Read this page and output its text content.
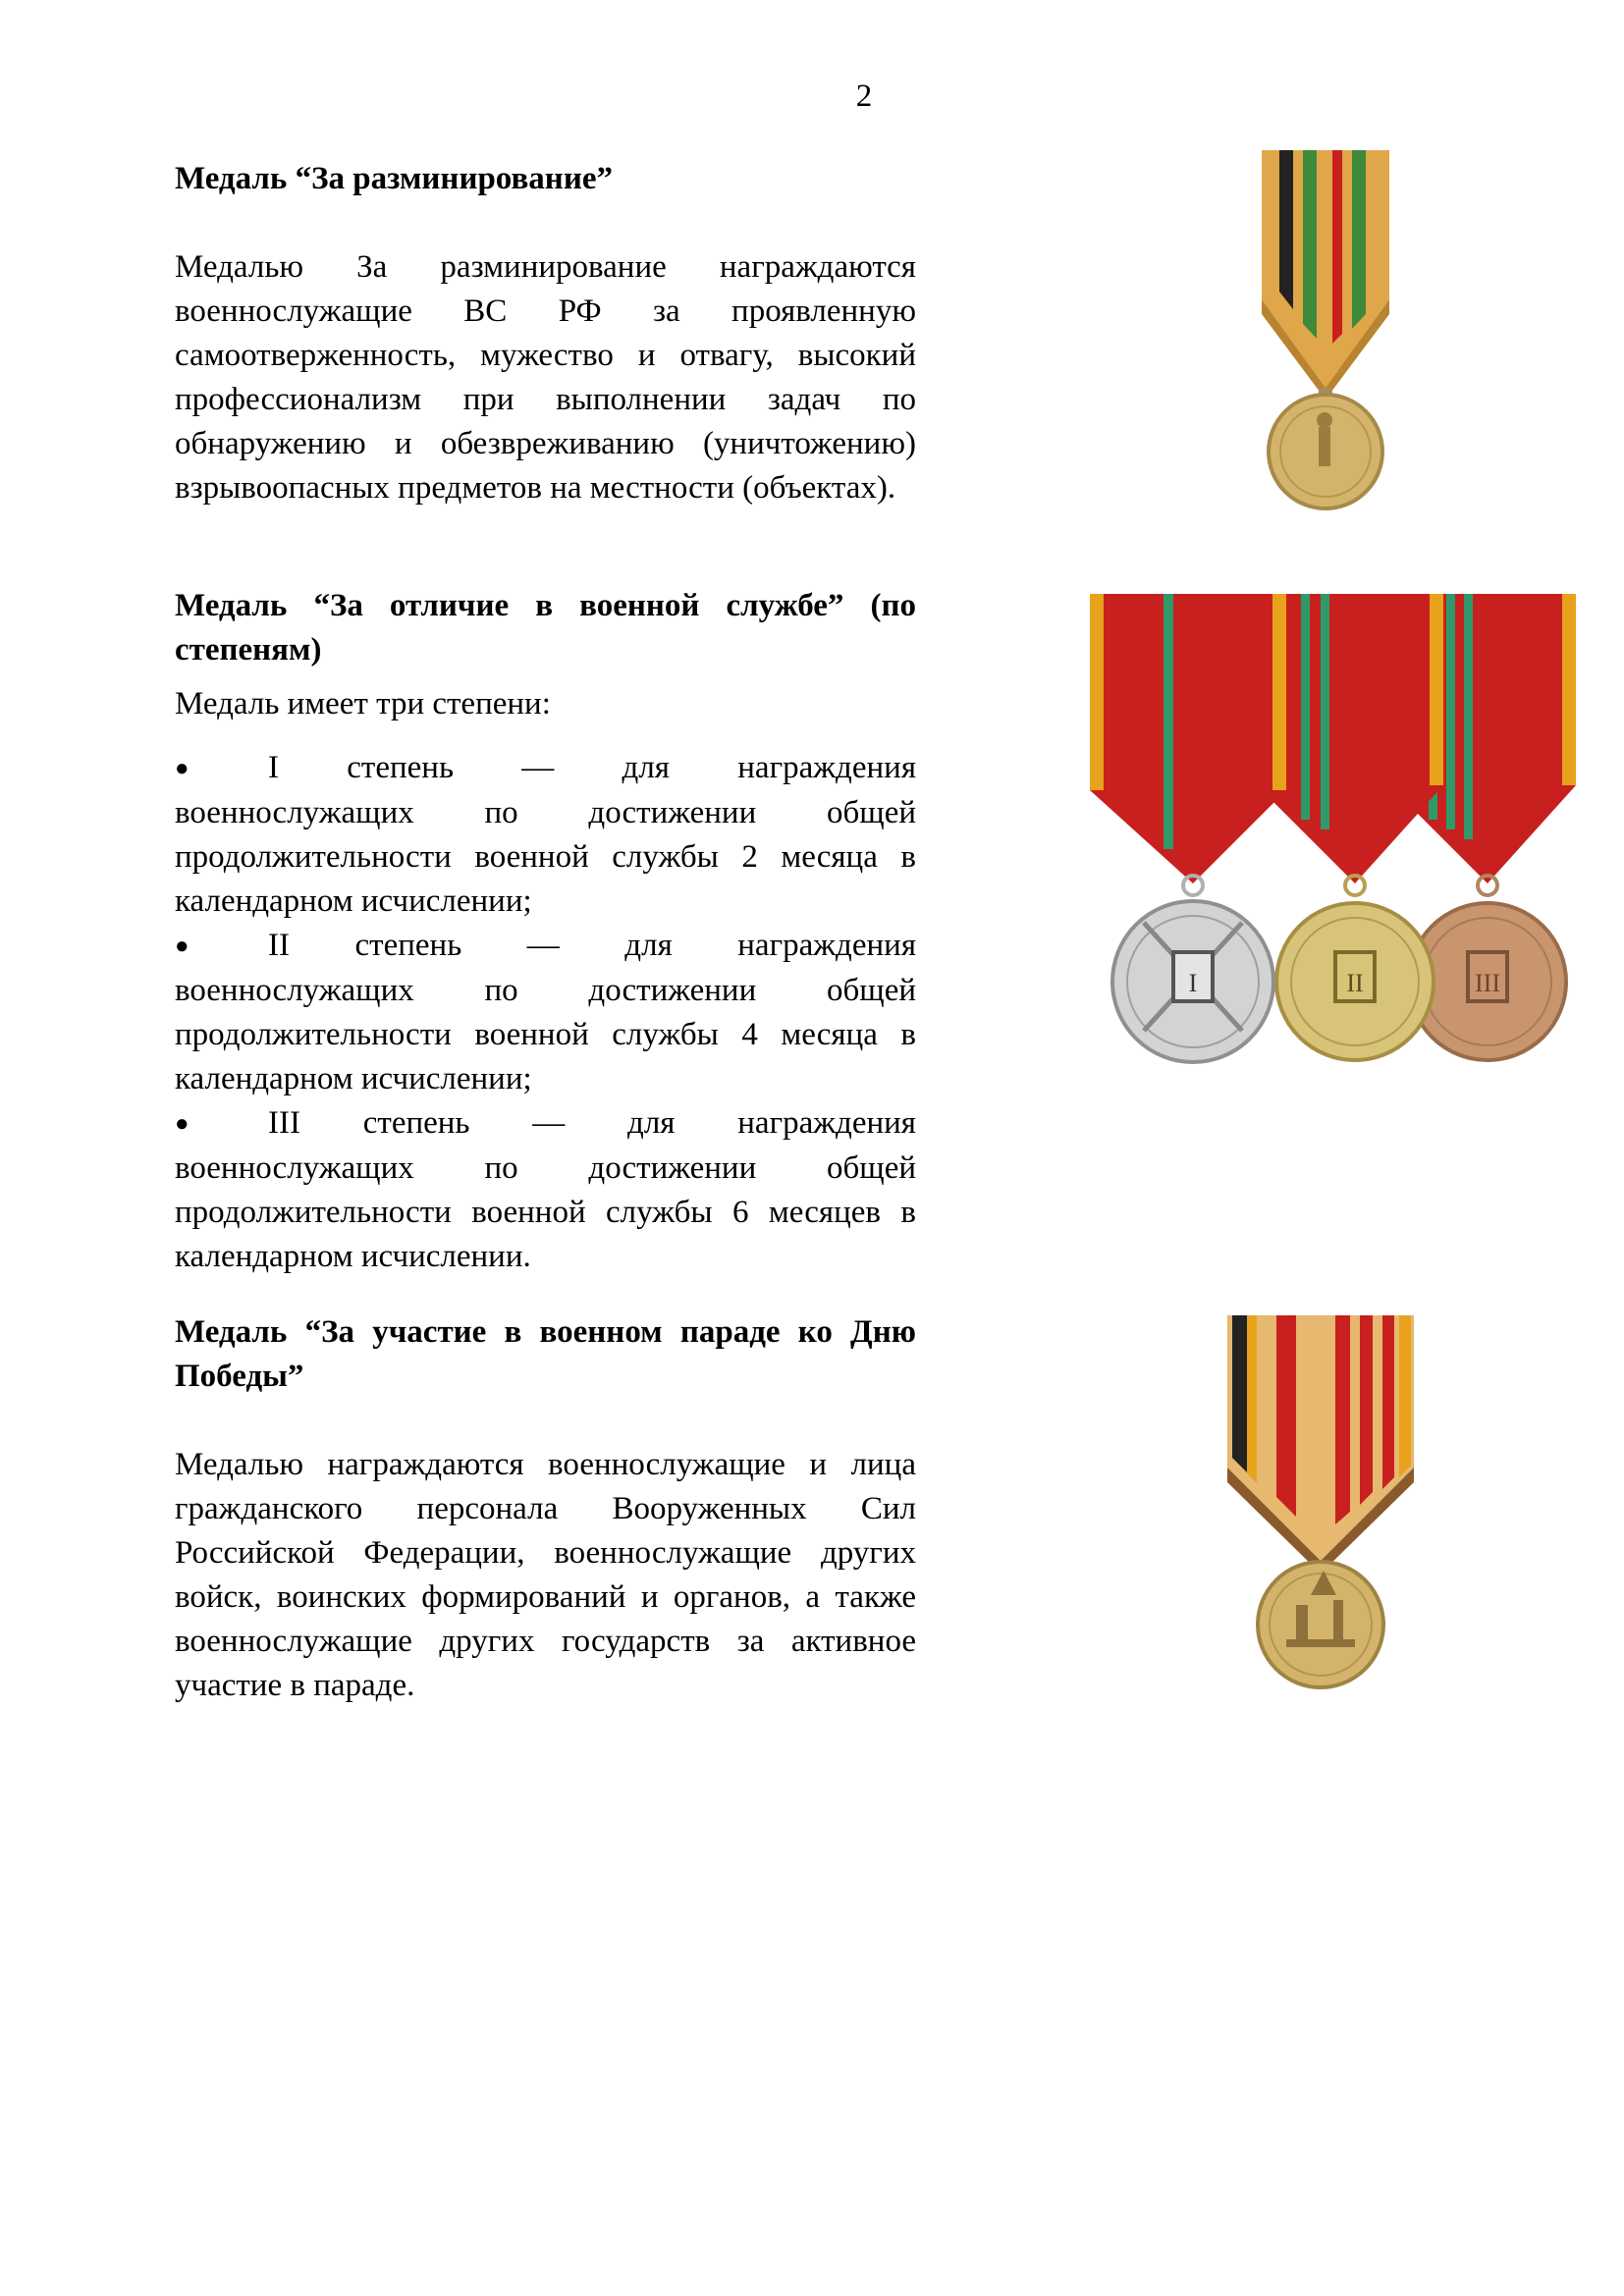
2

Медаль “За разминирование”

Медалью За разминирование награждаются военнослужащие ВС РФ за проявленную самоотверженность, мужество и отвагу, высокий профессионализм при выполнении задач по обнаружению и обезвреживанию (уничтожению) взрывоопасных предметов на местности (объектах).

Медаль “За отличие в военной службе” (по степеням)

Медаль имеет три степени:

● I степень — для награждения военнослужащих по достижении общей продолжительности военной службы 2 месяца в календарном исчислении;

● II степень — для награждения военнослужащих по достижении общей продолжительности военной службы 4 месяца в календарном исчислении;

● III степень — для награждения военнослужащих по достижении общей продолжительности военной службы 6 месяцев в календарном исчислении.

Медаль “За участие в военном параде ко Дню Победы”

Медалью награждаются военнослужащие и лица гражданского персонала Вооруженных Сил Российской Федерации, военнослужащие других войск, воинских формирований и органов, а также военнослужащие других государств за активное участие в параде.

III
II
I
